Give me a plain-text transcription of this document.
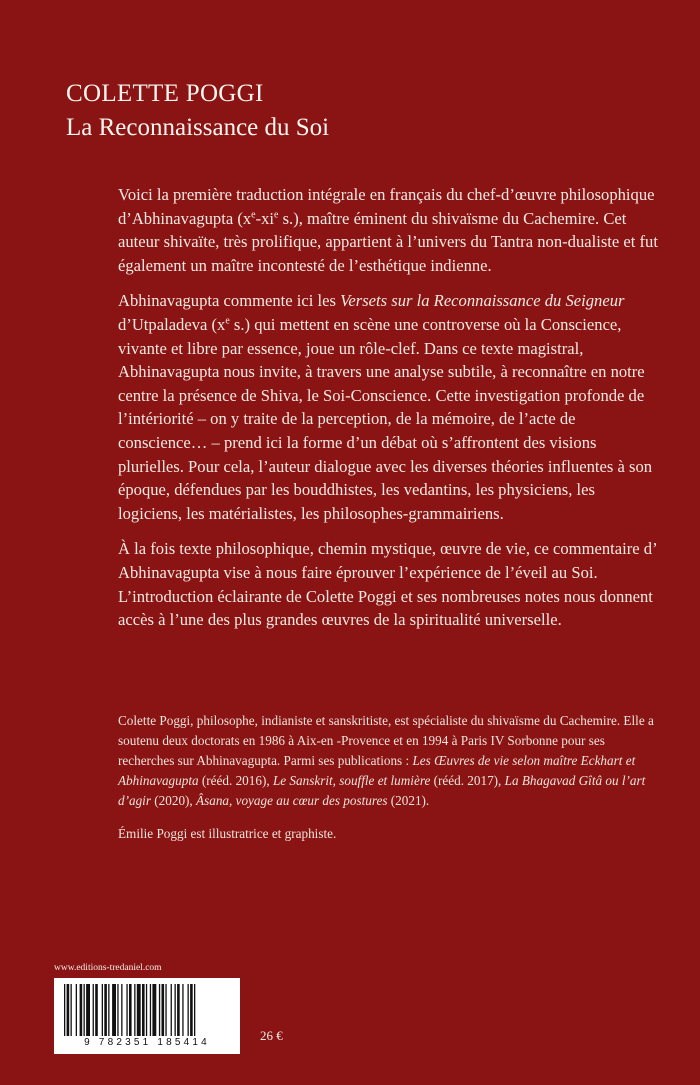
COLETTE POGGI
La Reconnaissance du Soi

Voici la première traduction intégrale en français du chef-d’œuvre philosophique d’Abhinavagupta ($x^e-xi^e$ s.), maître éminent du shivaïsme du Cachemire. Cet auteur shivaïte, très prolifique, appartient à l’univers du Tantra non-dualiste et fut également un maître incontesté de l’esthétique indienne.

Abhinavagupta commente ici les Versets sur la Reconnaissance du Seigneur d’Utpaladeva ($x^e$ s.) qui mettent en scène une controverse où la Conscience, vivante et libre par essence, joue un rôle-clef. Dans ce texte magistral, Abhinavagupta nous invite, à travers une analyse subtile, à reconnaître en notre centre la présence de Shiva, le Soi-Conscience. Cette investigation profonde de l’intériorité – on y traite de la perception, de la mémoire, de l’acte de conscience… – prend ici la forme d’un débat où s’affrontent des visions plurielles. Pour cela, l’auteur dialogue avec les diverses théories influentes à son époque, défendues par les bouddhistes, les vedantins, les physiciens, les logiciens, les matérialistes, les philosophes-grammairiens.

À la fois texte philosophique, chemin mystique, œuvre de vie, ce commentaire d’ Abhinavagupta vise à nous faire éprouver l’expérience de l’éveil au Soi. L’introduction éclairante de Colette Poggi et ses nombreuses notes nous donnent accès à l’une des plus grandes œuvres de la spiritualité universelle.

Colette Poggi, philosophe, indianiste et sanskritiste, est spécialiste du shivaïsme du Cachemire. Elle a soutenu deux doctorats en 1986 à Aix-en -Provence et en 1994 à Paris IV Sorbonne pour ses recherches sur Abhinavagupta. Parmi ses publications : Les Œuvres de vie selon maître Eckhart et Abhinavagupta (rééd. 2016), Le Sanskrit, souffle et lumière (rééd. 2017), La Bhagavad Gîtâ ou l’art d’agir (2020), Âsana, voyage au cœur des postures (2021).

Émilie Poggi est illustratrice et graphiste.

www.editions-tredaniel.com
9 782351 185414	26 €
